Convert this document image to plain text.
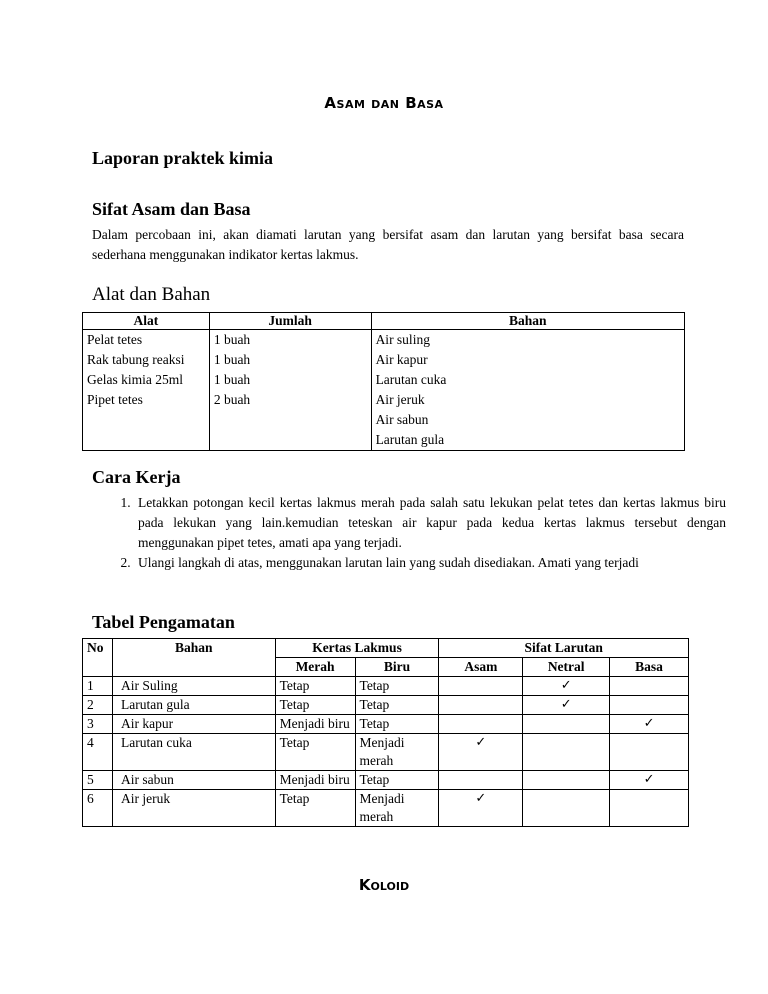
Asam dan Basa
Laporan praktek kimia
Sifat Asam dan Basa
Dalam percobaan ini, akan diamati larutan yang bersifat asam dan larutan yang bersifat basa secara sederhana menggunakan indikator kertas lakmus.
Alat dan Bahan
Alat	Jumlah	Bahan
Pelat tetes	1 buah	Air suling
Rak tabung reaksi	1 buah	Air kapur
Gelas kimia 25ml	1 buah	Larutan cuka
Pipet tetes	2 buah	Air jeruk
		Air sabun
		Larutan gula
Cara Kerja
1. Letakkan potongan kecil kertas lakmus merah pada salah satu lekukan pelat tetes dan kertas lakmus biru pada lekukan yang lain.kemudian teteskan air kapur pada kedua kertas lakmus tersebut dengan menggunakan pipet tetes, amati apa yang terjadi.
2. Ulangi langkah di atas, menggunakan larutan lain yang sudah disediakan. Amati yang terjadi
Tabel Pengamatan
No	Bahan	Kertas Lakmus		Sifat Larutan		
		Merah	Biru	Asam	Netral	Basa
1	Air Suling	Tetap	Tetap		✓	
2	Larutan gula	Tetap	Tetap		✓	
3	Air kapur	Menjadi biru	Tetap			✓
4	Larutan cuka	Tetap	Menjadi merah	✓		
5	Air sabun	Menjadi biru	Tetap			✓
6	Air jeruk	Tetap	Menjadi merah	✓		
Koloid
